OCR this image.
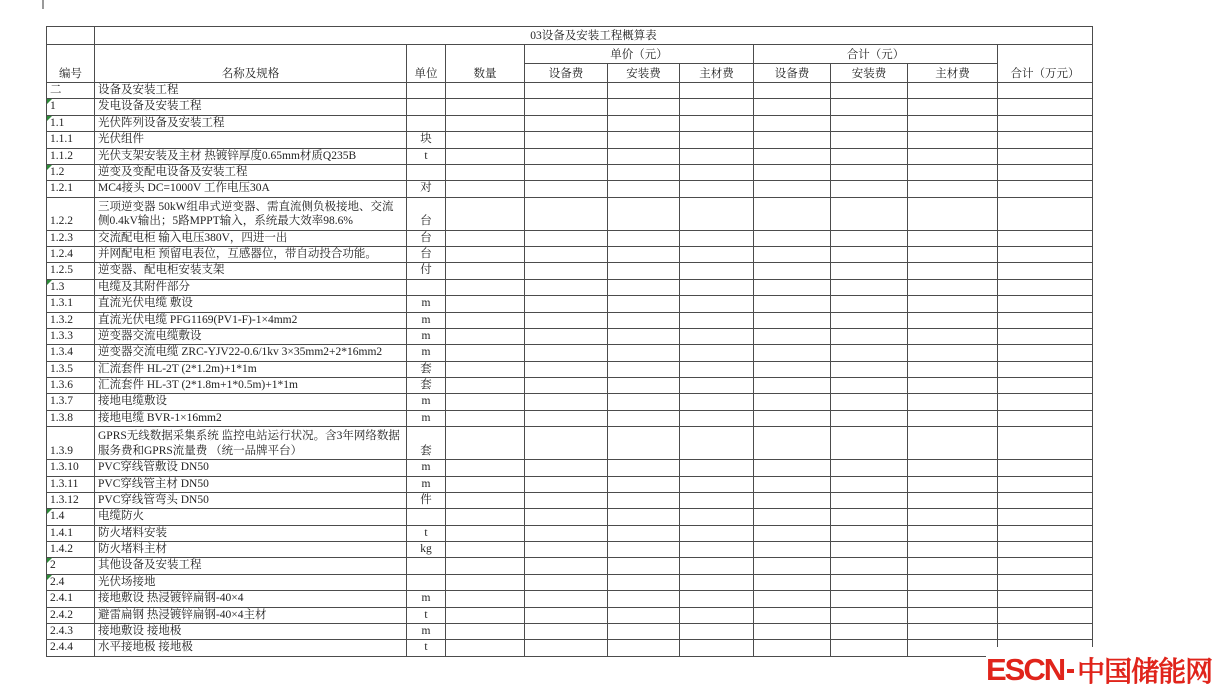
	03设备及安装工程概算表									
编号	名称及规格	单位	数量	单价（元）			合计（元）			合计（万元）
				设备费	安装费	主材费	设备费	安装费	主材费	
二	设备及安装工程									

1	发电设备及安装工程									

1.1	光伏阵列设备及安装工程									
1.1.1	光伏组件	块								
1.1.2	光伏支架安装及主材 热镀锌厚度0.65mm材质Q235B	t								

1.2	逆变及变配电设备及安装工程									
1.2.1	MC4接头 DC=1000V 工作电压30A	对								
1.2.2	三项逆变器 50kW组串式逆变器、需直流侧负极接地、交流侧0.4kV输出；5路MPPT输入，系统最大效率98.6%	台								
1.2.3	交流配电柜 输入电压380V，四进一出	台								
1.2.4	并网配电柜 预留电表位，互感器位，带自动投合功能。	台								
1.2.5	逆变器、配电柜安装支架	付								

1.3	电缆及其附件部分									
1.3.1	直流光伏电缆 敷设	m								
1.3.2	直流光伏电缆 PFG1169(PV1-F)-1×4mm2	m								
1.3.3	逆变器交流电缆敷设	m								
1.3.4	逆变器交流电缆 ZRC-YJV22-0.6/1kv 3×35mm2+2*16mm2	m								
1.3.5	汇流套件 HL-2T (2*1.2m)+1*1m	套								
1.3.6	汇流套件 HL-3T (2*1.8m+1*0.5m)+1*1m	套								
1.3.7	接地电缆敷设	m								
1.3.8	接地电缆 BVR-1×16mm2	m								
1.3.9	GPRS无线数据采集系统 监控电站运行状况。含3年网络数据服务费和GPRS流量费 （统一品牌平台）	套								
1.3.10	PVC穿线管敷设 DN50	m								
1.3.11	PVC穿线管主材 DN50	m								
1.3.12	PVC穿线管弯头 DN50	件								

1.4	电缆防火									
1.4.1	防火堵料安装	t								
1.4.2	防火堵料主材	kg								

2	其他设备及安装工程									

2.4	光伏场接地									
2.4.1	接地敷设 热浸镀锌扁钢-40×4	m								
2.4.2	避雷扁钢 热浸镀锌扁钢-40×4主材	t								
2.4.3	接地敷设 接地极	m								
2.4.4	水平接地极 接地极	t								
ESCN 中国储能网
